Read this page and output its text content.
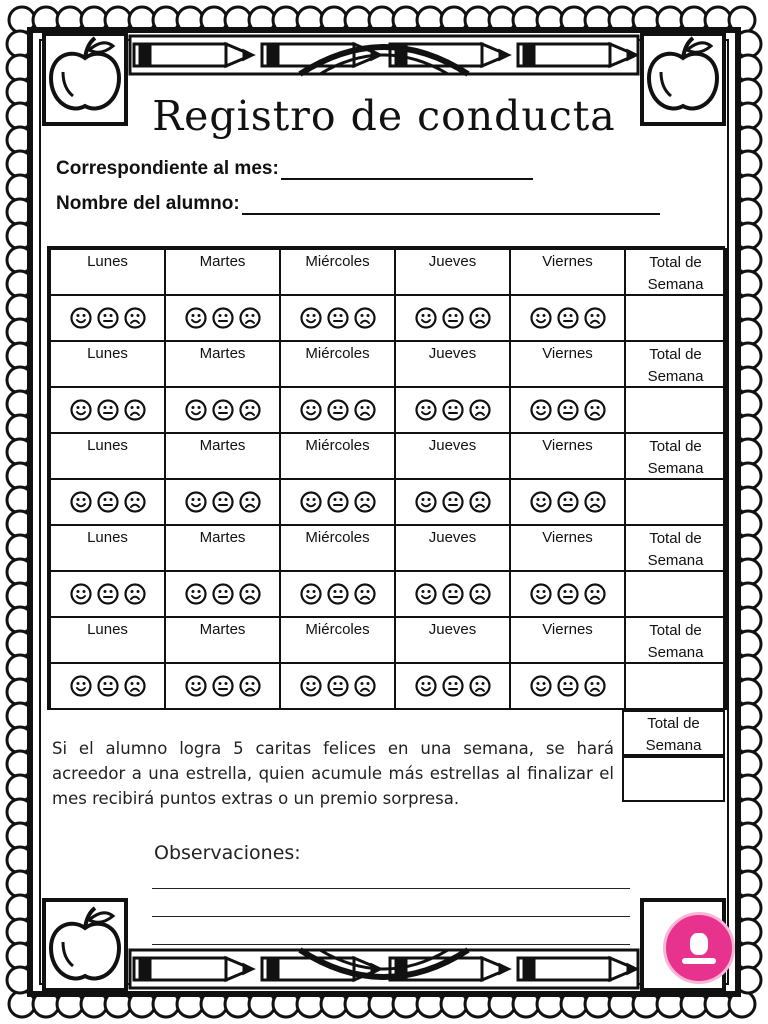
Registro de conducta
Correspondiente al mes:
Nombre del alumno:
Lunes	Martes	Miércoles	Jueves	Viernes	Total de Semana
Lunes	Martes	Miércoles	Jueves	Viernes	Total de Semana
Lunes	Martes	Miércoles	Jueves	Viernes	Total de Semana
Lunes	Martes	Miércoles	Jueves	Viernes	Total de Semana
Lunes	Martes	Miércoles	Jueves	Viernes	Total de Semana
Total de Semana
Si el alumno logra 5 caritas felices en una semana, se hará acreedor a una estrella, quien acumule más estrellas al finalizar el mes recibirá puntos extras o un premio sorpresa.
Observaciones:
